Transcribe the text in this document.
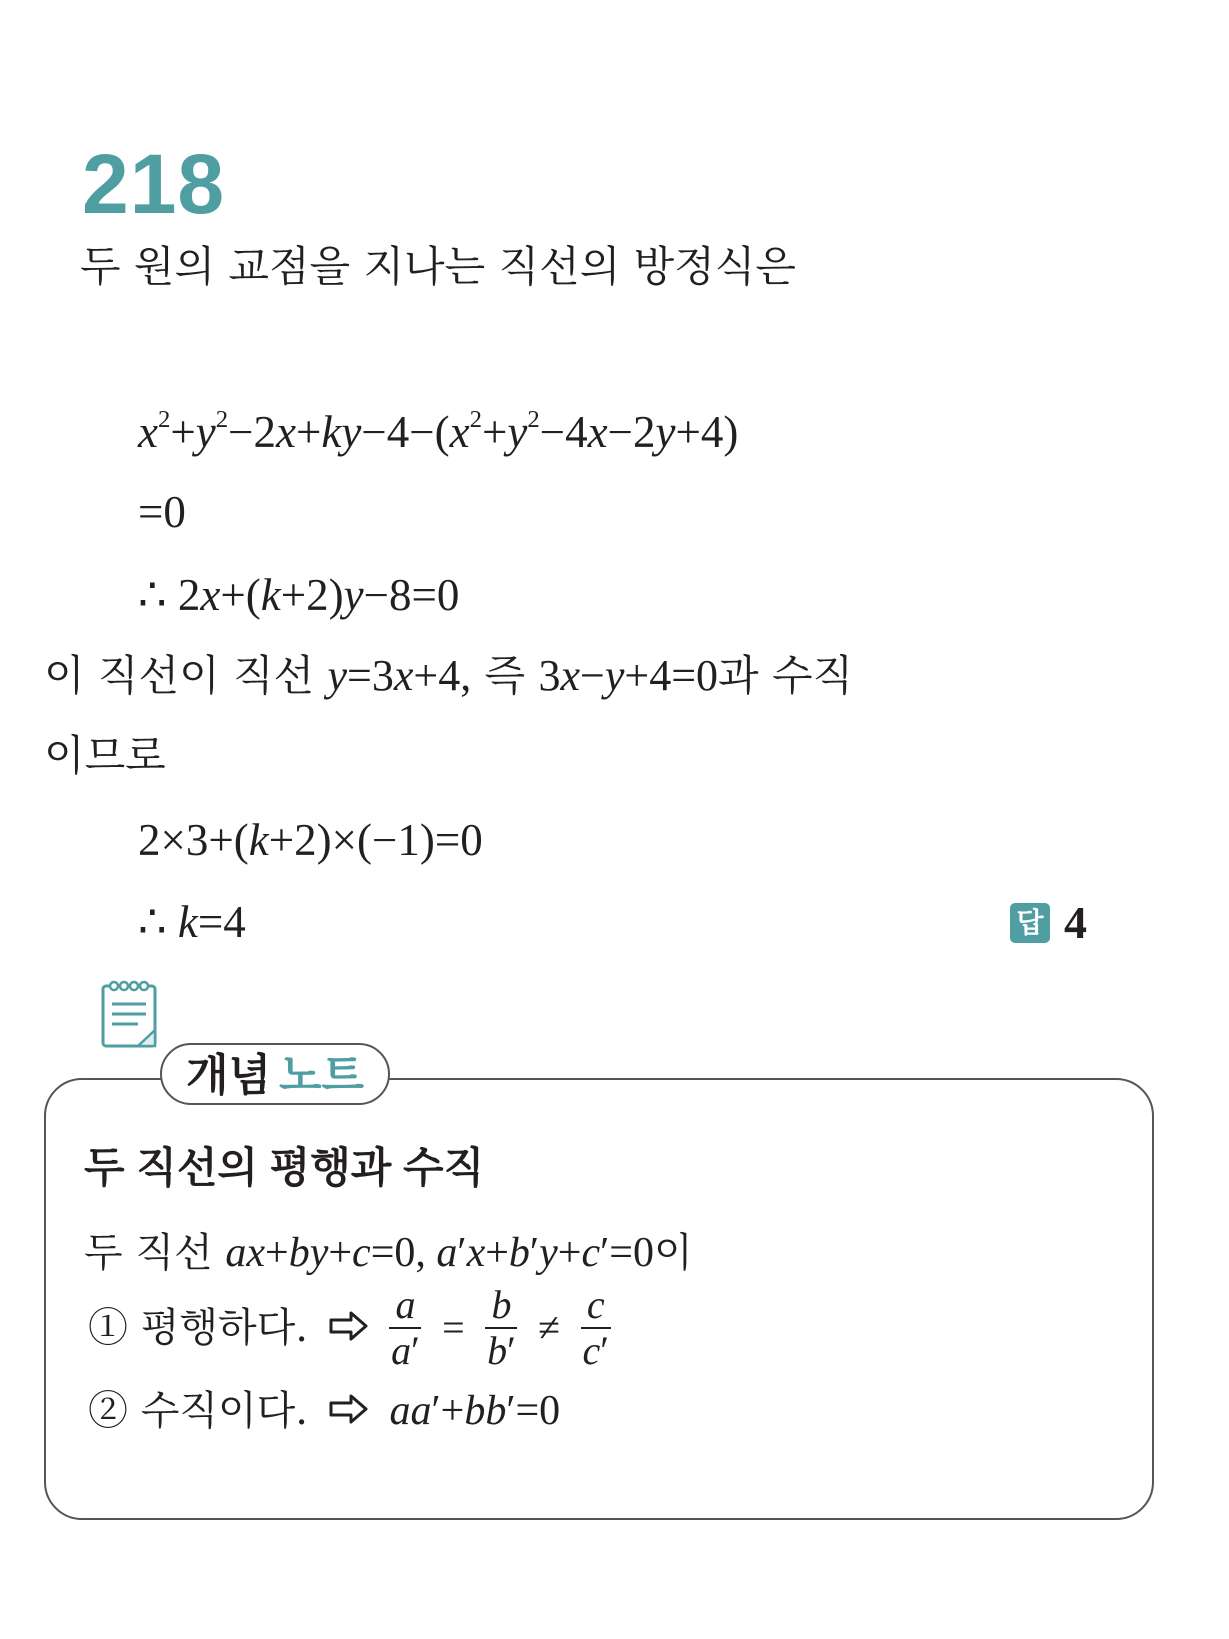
218
두 원의 교점을 지나는 직선의 방정식은
$x^2+y^2-2x+ky-4-(x^2+y^2-4x-2y+4)$
=0
∴ 2x+(k+2)y−8=0
이 직선이 직선 y=3x+4, 즉 3x−y+4=0과 수직
이므로
2×3+(k+2)×(−1)=0
∴ k=4	답 4
개념 노트
두 직선의 평행과 수직
두 직선 ax+by+c=0, a′x+b′y+c′=0이
① 평행하다. $\frac{a}{a'} = \frac{b}{b'} \ne \frac{c}{c'}$
② 수직이다. aa′+bb′=0
